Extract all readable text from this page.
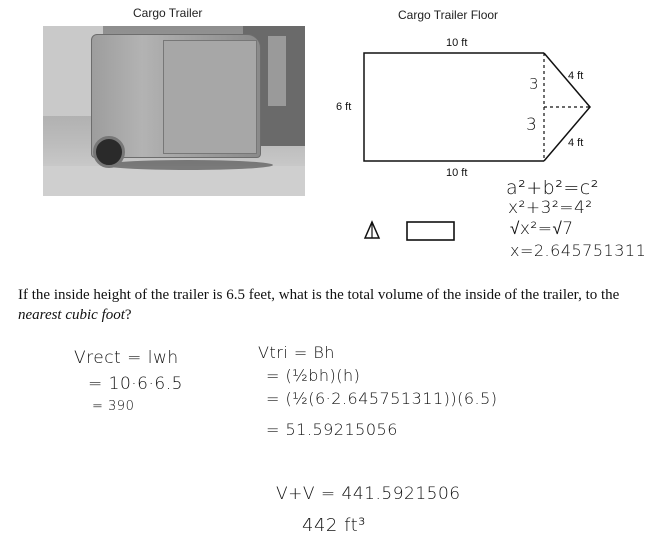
Cargo Trailer	Cargo Trailer Floor
10 ft
10 ft
6 ft
4 ft
4 ft
3
3
a²+b²=c²
x²+3²=4²
√x²=√7
x=2.645751311
If the inside height of the trailer is 6.5 feet, what is the total volume of the inside of the trailer, to the nearest cubic foot?
Vrect = lwh
= 10·6·6.5
= 390
Vtri = Bh
= (½bh)(h)
= (½(6·2.645751311))(6.5)
= 51.59215056
V+V = 441.5921506
442 ft³
